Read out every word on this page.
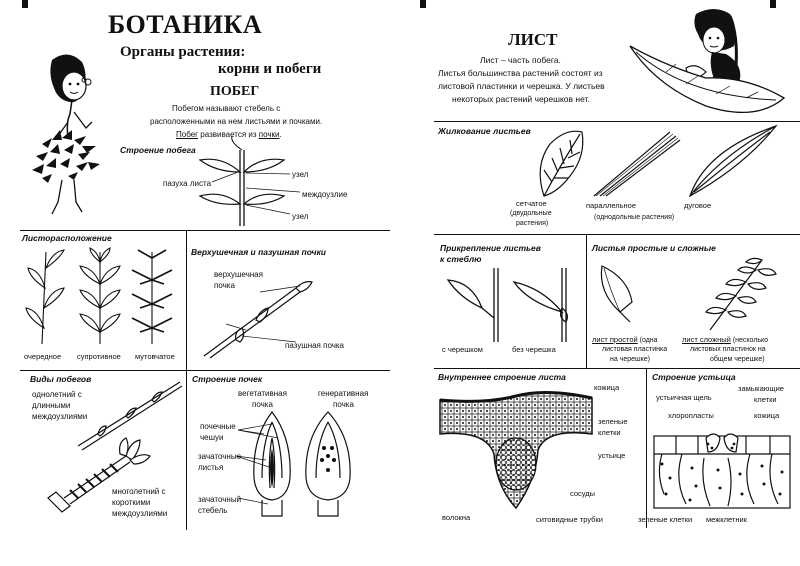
БОТАНИКА
Органы растения:
корни и побеги
ПОБЕГ
Побегом называют стебель с
расположенными на нем листьями и почками.
Побег развивается из почки.
Строение побега
пазуха листа
узел
междоузлие
узел
Листорасположение
очередное супротивное мутовчатое
Верхушечная и пазушная почки
верхушечная
почка
пазушная почка
Виды побегов
однолетний с
длинными
междоузлиями
многолетний с
короткими
междоузлиями
Строение почек
вегетативная
почка
генеративная
почка
почечные
чешуи
зачаточные
листья
зачаточный
стебель
ЛИСТ
Лист – часть побега.
Листья большинства растений состоят из
листовой пластинки и черешка. У листьев
некоторых растений черешков нет.
Жилкование листьев
сетчатое
(двудольные
растения)
параллельное	дуговое
(однодольные растения)
Прикрепление листьев
к стеблю
с черешком	без черешка
Листья простые и сложные
лист простой (одна
листовая пластинка
на черешке)
лист сложный (несколько
листовых пластинок на
общем черешке)
Внутреннее строение листа
кожица
зеленые
клетки
устьице
сосуды
волокна	ситовидные трубки
Строение устьица
замыкающие
устьичная щель	клетки
хлоропласты	кожица
зеленые клетки межклетник
